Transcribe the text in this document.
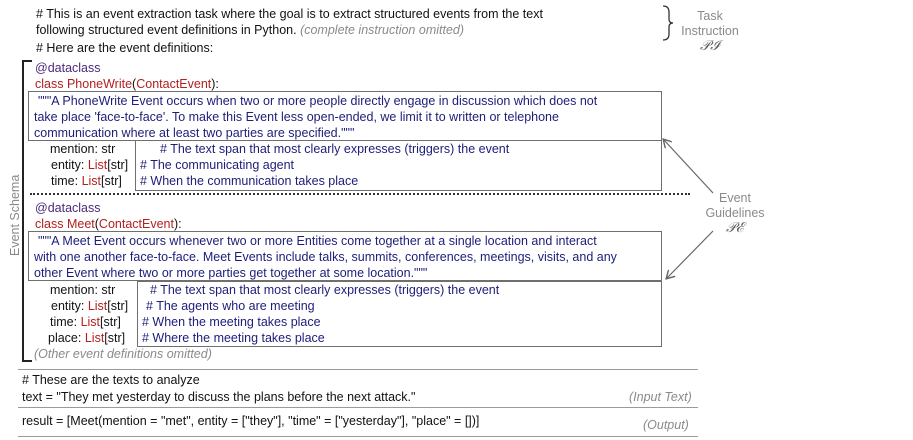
# This is an event extraction task where the goal is to extract structured events from the text
following structured event definitions in Python. (complete instruction omitted)
# Here are the event definitions:
Task
Instruction
𝒫ℐ
Event Schema
@dataclass
class PhoneWrite(ContactEvent):
"""A PhoneWrite Event occurs when two or more people directly engage in discussion which does not
take place 'face-to-face'. To make this Event less open-ended, we limit it to written or telephone
communication where at least two parties are specified."""
mention: str	# The text span that most clearly expresses (triggers) the event
entity: List[str] # The communicating agent
time: List[str] # When the communication takes place
@dataclass
class Meet(ContactEvent):
"""A Meet Event occurs whenever two or more Entities come together at a single location and interact
with one another face-to-face. Meet Events include talks, summits, conferences, meetings, visits, and any
other Event where two or more parties get together at some location."""
mention: str	# The text span that most clearly expresses (triggers) the event
entity: List[str] # The agents who are meeting
time: List[str] # When the meeting takes place
place: List[str] # Where the meeting takes place
(Other event definitions omitted)
Event
Guidelines
𝒫ℰ
# These are the texts to analyze
text = "They met yesterday to discuss the plans before the next attack."	(Input Text)
result = [Meet(mention = "met", entity = ["they"], "time" = ["yesterday"], "place" = [])]	(Output)
